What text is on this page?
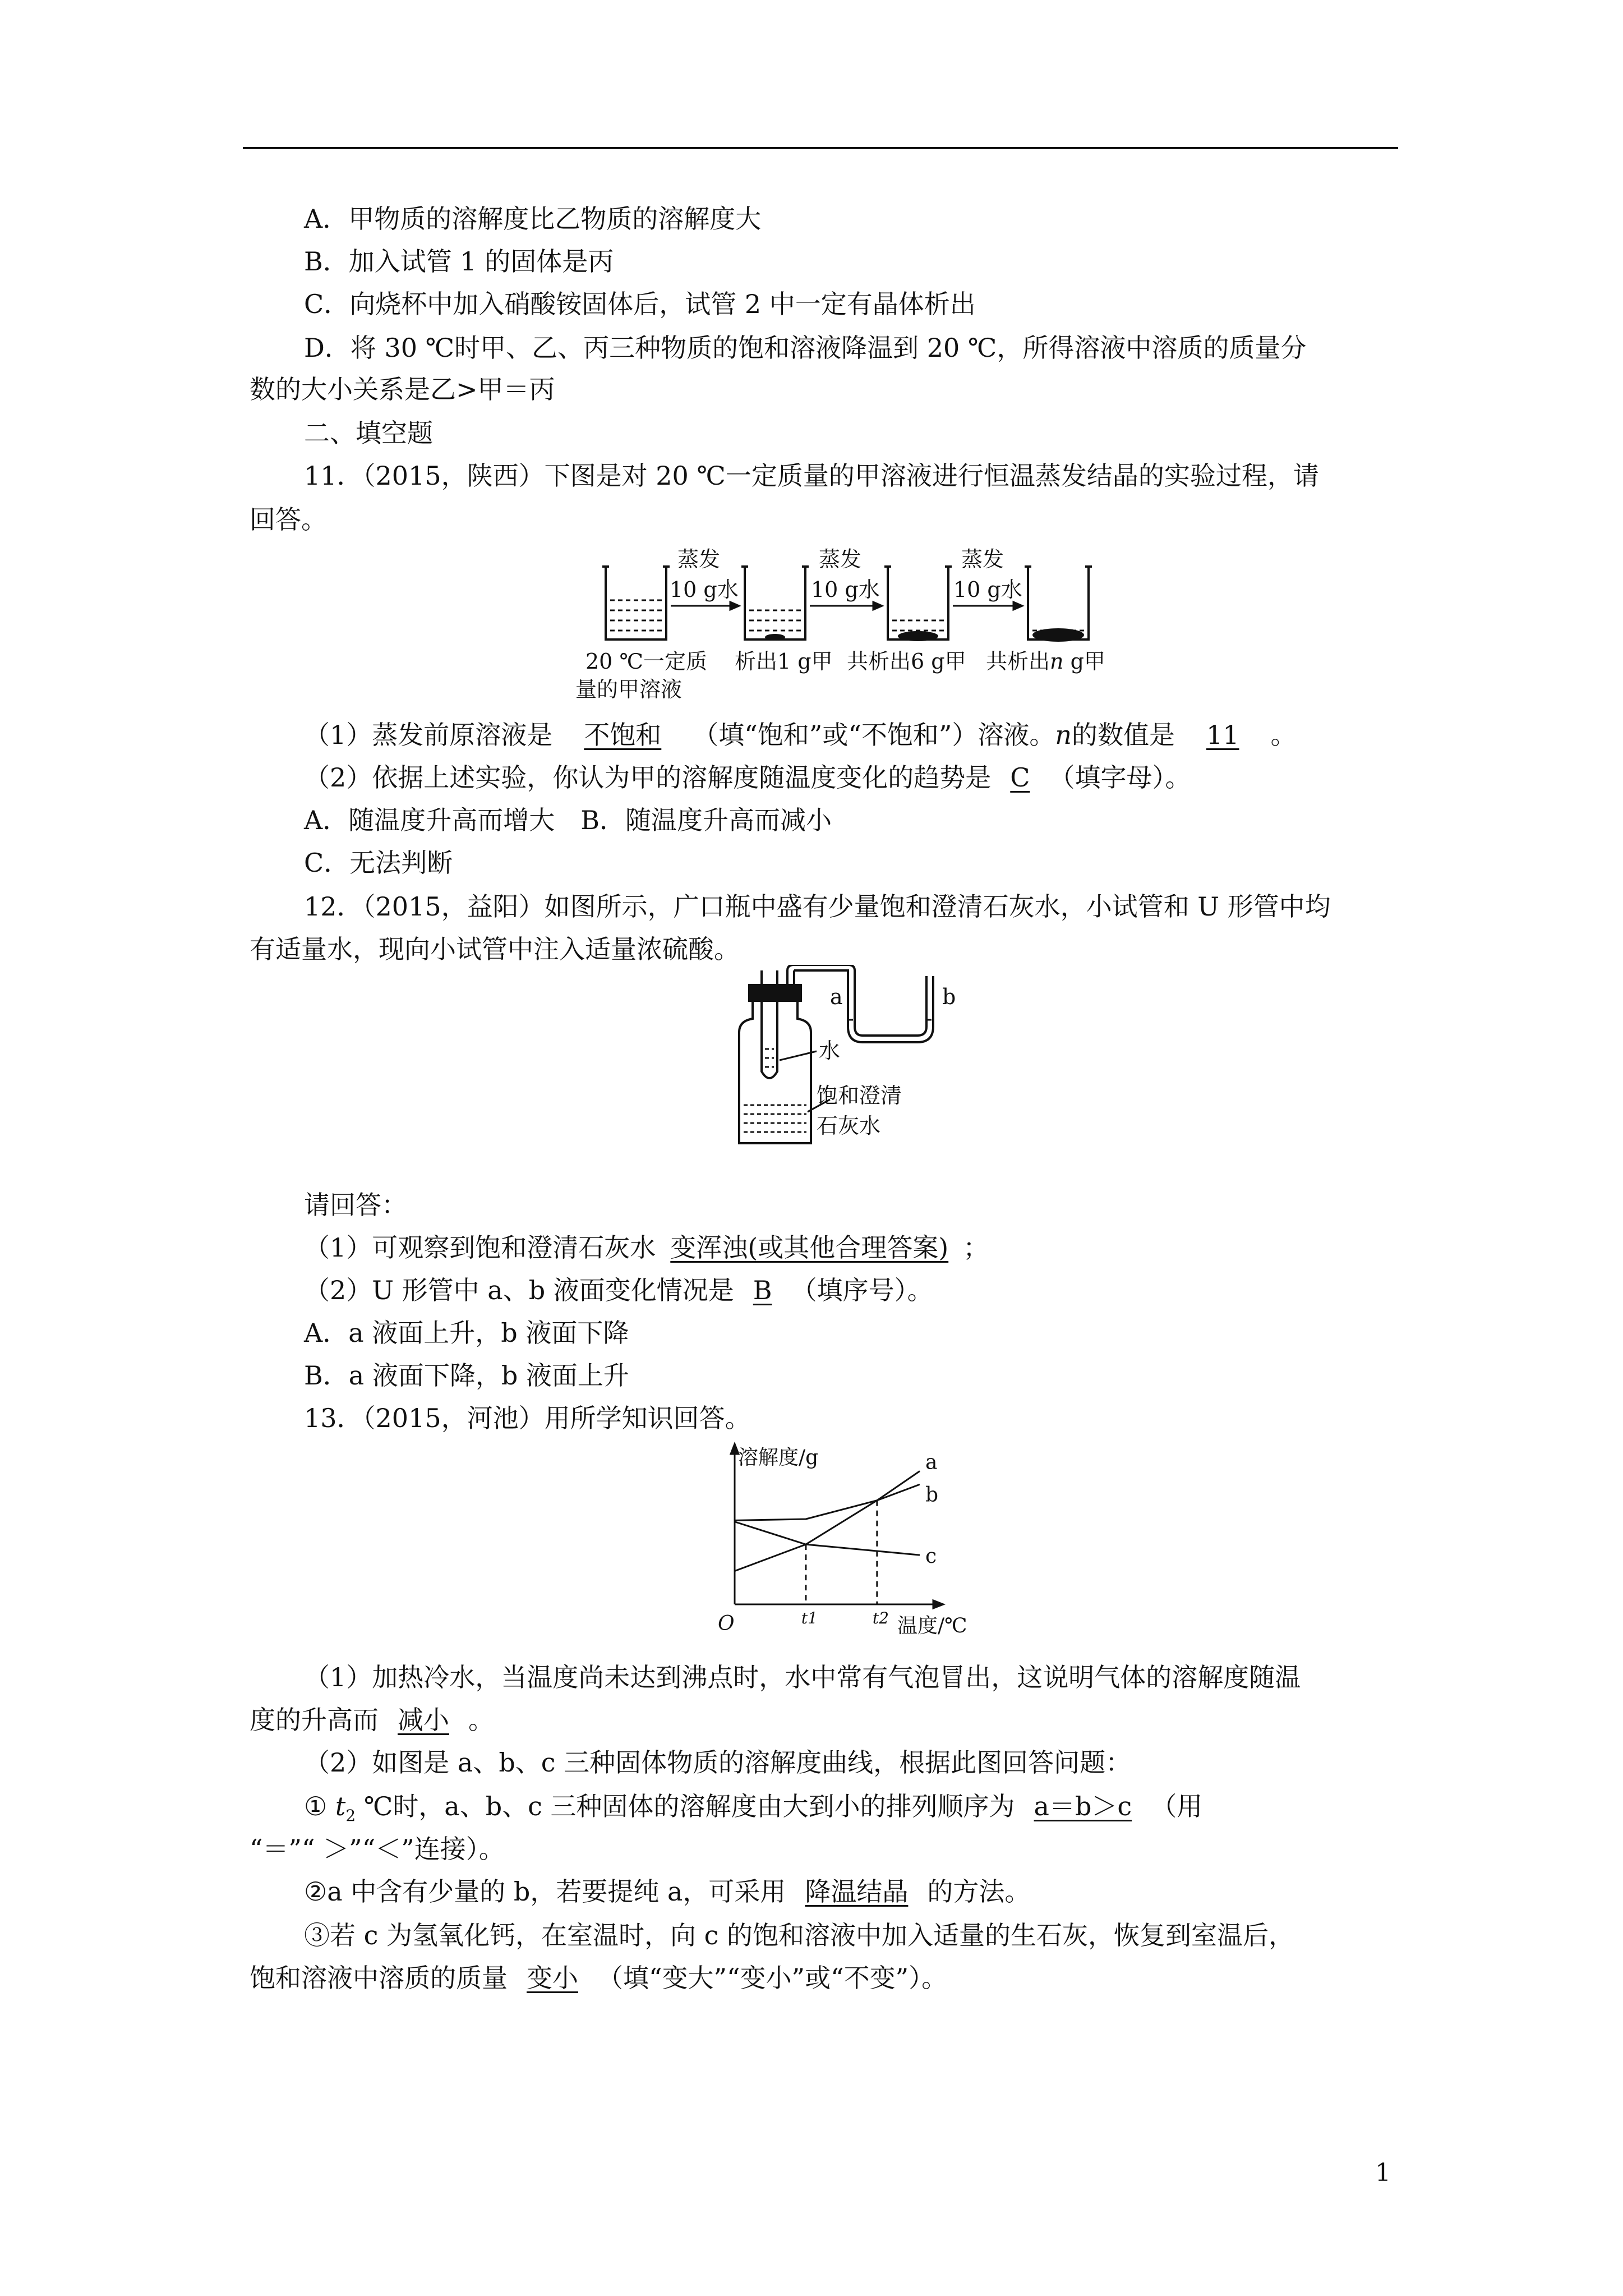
A．甲物质的溶解度比乙物质的溶解度大
B．加入试管 1 的固体是丙
C．向烧杯中加入硝酸铵固体后，试管 2 中一定有晶体析出
D．将 30 ℃时甲、乙、丙三种物质的饱和溶液降温到 20 ℃，所得溶液中溶质的质量分
数的大小关系是乙>甲＝丙
二、填空题
11．（2015，陕西）下图是对 20 ℃一定质量的甲溶液进行恒温蒸发结晶的实验过程，请
回答。
蒸发
10 g水
蒸发
10 g水
蒸发
10 g水
20 ℃一定质
量的甲溶液
析出1 g甲 共析出6 g甲 共析出n g甲
（1）蒸发前原溶液是 不饱和 （填“饱和”或“不饱和”）溶液。n的数值是 11 。
（2）依据上述实验，你认为甲的溶解度随温度变化的趋势是 C （填字母）。
A．随温度升高而增大　B．随温度升高而减小
C．无法判断
12．（2015，益阳）如图所示，广口瓶中盛有少量饱和澄清石灰水，小试管和 U 形管中均
有适量水，现向小试管中注入适量浓硫酸。
a	b
水
饱和澄清
石灰水
请回答：
（1）可观察到饱和澄清石灰水 变浑浊(或其他合理答案) ；
（2）U 形管中 a、b 液面变化情况是 B （填序号）。
A．a 液面上升，b 液面下降
B．a 液面下降，b 液面上升
13．（2015，河池）用所学知识回答。
溶解度/g
温度/℃
O	t1	t2
a
b
c
（1）加热冷水，当温度尚未达到沸点时，水中常有气泡冒出，这说明气体的溶解度随温
度的升高而 减小 。
（2）如图是 a、b、c 三种固体物质的溶解度曲线，根据此图回答问题：
① $t_2$ ℃时，a、b、c 三种固体的溶解度由大到小的排列顺序为 a＝b＞c （用
“＝”“ ＞”“＜”连接）。
②a 中含有少量的 b，若要提纯 a，可采用 降温结晶 的方法。
③若 c 为氢氧化钙，在室温时，向 c 的饱和溶液中加入适量的生石灰，恢复到室温后，
饱和溶液中溶质的质量 变小 （填“变大”“变小”或“不变”）。
1
